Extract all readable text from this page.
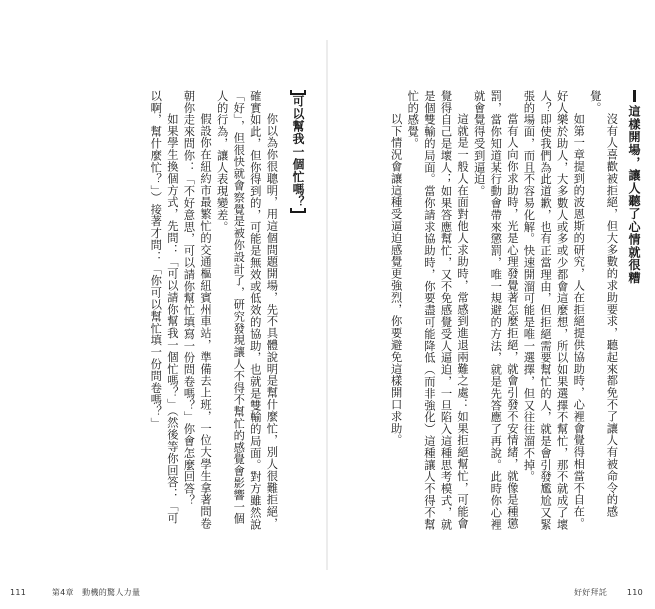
可以幫我一個忙嗎？
你以為你很聰明，用這個問題開場，先不具體說明是幫什麼忙，別人很難拒絕，確實如此，但你得到的，可能是無效或低效的協助，也就是雙輸的局面。對方雖然說「好」，但很快就會察覺是被你設計了，研究發現讓人不得不幫忙的感覺會影響一個人的行為，讓人表現變差。
假設你在紐約市最繁忙的交通樞紐賓州車站，準備去上班，一位大學生拿著問卷朝你走來問你：「不好意思，可以請你幫忙填寫一份問卷嗎？」你會怎麼回答？
如果學生換個方式，先問：「可以請你幫我一個忙嗎？」（然後等你回答：「可以啊，幫什麼忙？」）接著才問：「你可以幫忙填一份問卷嗎？」
111	第4章　動機的驚人力量
這樣開場，讓人聽了心情就很糟
沒有人喜歡被拒絕，但大多數的求助要求，聽起來都免不了讓人有被命令的感覺。
如第一章提到的波恩斯的研究，人在拒絕提供協助時，心裡會覺得相當不自在。好人樂於助人，大多數人或多或少都會這麼想，所以如果選擇不幫忙，那不就成了壞人？即使我們為此道歉，也有正當理由，但拒絕需要幫忙的人，就是會引發尷尬又緊張的場面，而且不容易化解。快速開溜可能是唯一選擇，但又往往溜不掉。
當有人向你求助時，光是心理發覺著怎麼拒絕，就會引發不安情緒，就像是種懲罰，當你知道某行動會帶來懲罰，唯一規避的方法，就是先答應了再說。此時你心裡就會覺得受到逼迫。
這就是一般人在面對他人求助時，常感到進退兩難之處：如果拒絕幫忙，可能會覺得自己是壞人；如果答應幫忙，又不免感覺受人逼迫，一旦陷入這種思考模式，就是個雙輸的局面。當你請求協助時，你要盡可能降低（而非強化）這種讓人不得不幫忙的感覺。
以下情況會讓這種受逼迫感覺更強烈，你要避免這樣開口求助。
好好拜託 110
